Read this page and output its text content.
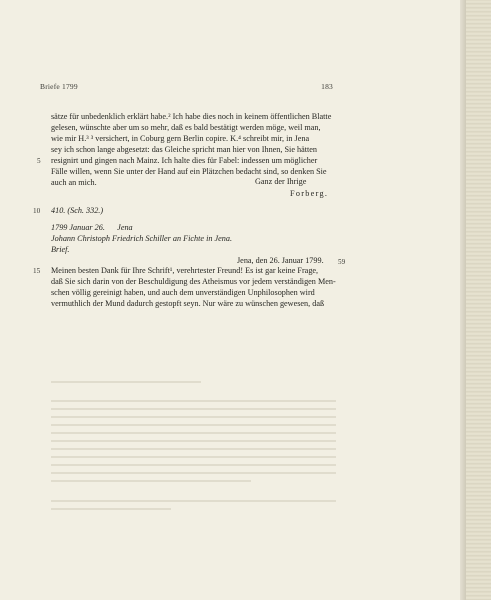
Briefe 1799	183
sätze für unbedenklich erklärt habe.² Ich habe dies noch in keinem öffentlichen Blatte
gelesen, wünschte aber um so mehr, daß es bald bestätigt werden möge, weil man,
wie mir H.³ ³ versichert, in Coburg gern Berlin copire. K.⁴ schreibt mir, in Jena
sey ich schon lange abgesetzt: das Gleiche spricht man hier von Ihnen, Sie hätten
resignirt und gingen nach Mainz. Ich halte dies für Fabel: indessen um möglicher
Fälle willen, wenn Sie unter der Hand auf ein Plätzchen bedacht sind, so denken Sie
auch an mich.	Ganz der Ihrige
Forberg.
5
10
15
410. (Sch. 332.)
1799 Januar 26.      Jena
Johann Christoph Friedrich Schiller an Fichte in Jena.
Brief.
Jena, den 26. Januar 1799. 59
Meinen besten Dank für Ihre Schrift¹, verehrtester Freund! Es ist gar keine Frage,
daß Sie sich darin von der Beschuldigung des Atheismus vor jedem verständigen Men-
schen völlig gereinigt haben, und auch dem unverständigen Unphilosophen wird
vermuthlich der Mund dadurch gestopft seyn. Nur wäre zu wünschen gewesen, daß
